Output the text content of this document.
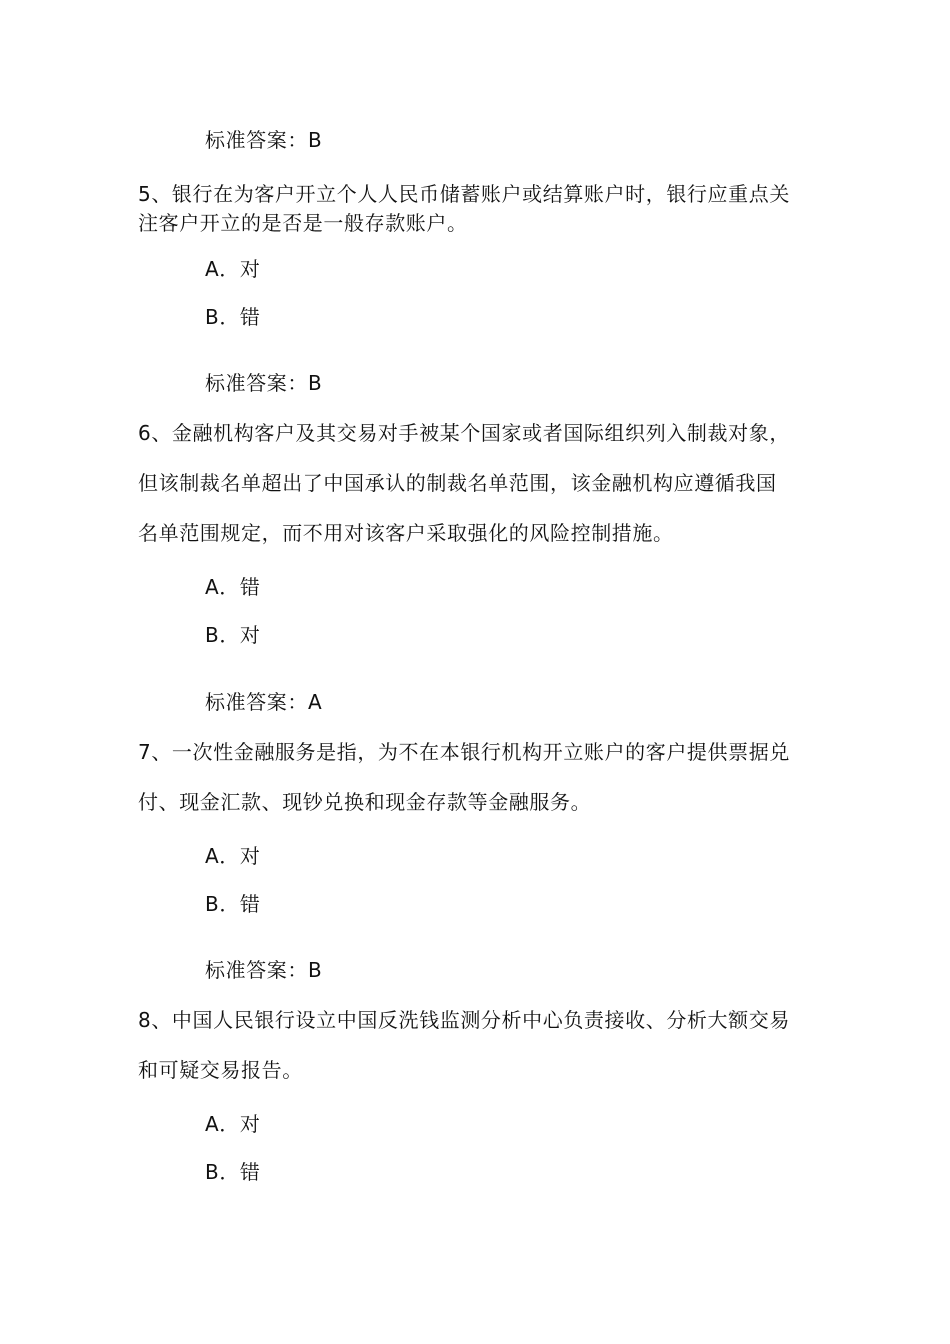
标准答案：B
5、银行在为客户开立个人人民币储蓄账户或结算账户时，银行应重点关
注客户开立的是否是一般存款账户。
A．对
B．错
标准答案：B
6、金融机构客户及其交易对手被某个国家或者国际组织列入制裁对象，
但该制裁名单超出了中国承认的制裁名单范围，该金融机构应遵循我国
名单范围规定，而不用对该客户采取强化的风险控制措施。
A．错
B．对
标准答案：A
7、一次性金融服务是指，为不在本银行机构开立账户的客户提供票据兑
付、现金汇款、现钞兑换和现金存款等金融服务。
A．对
B．错
标准答案：B
8、中国人民银行设立中国反洗钱监测分析中心负责接收、分析大额交易
和可疑交易报告。
A．对
B．错
